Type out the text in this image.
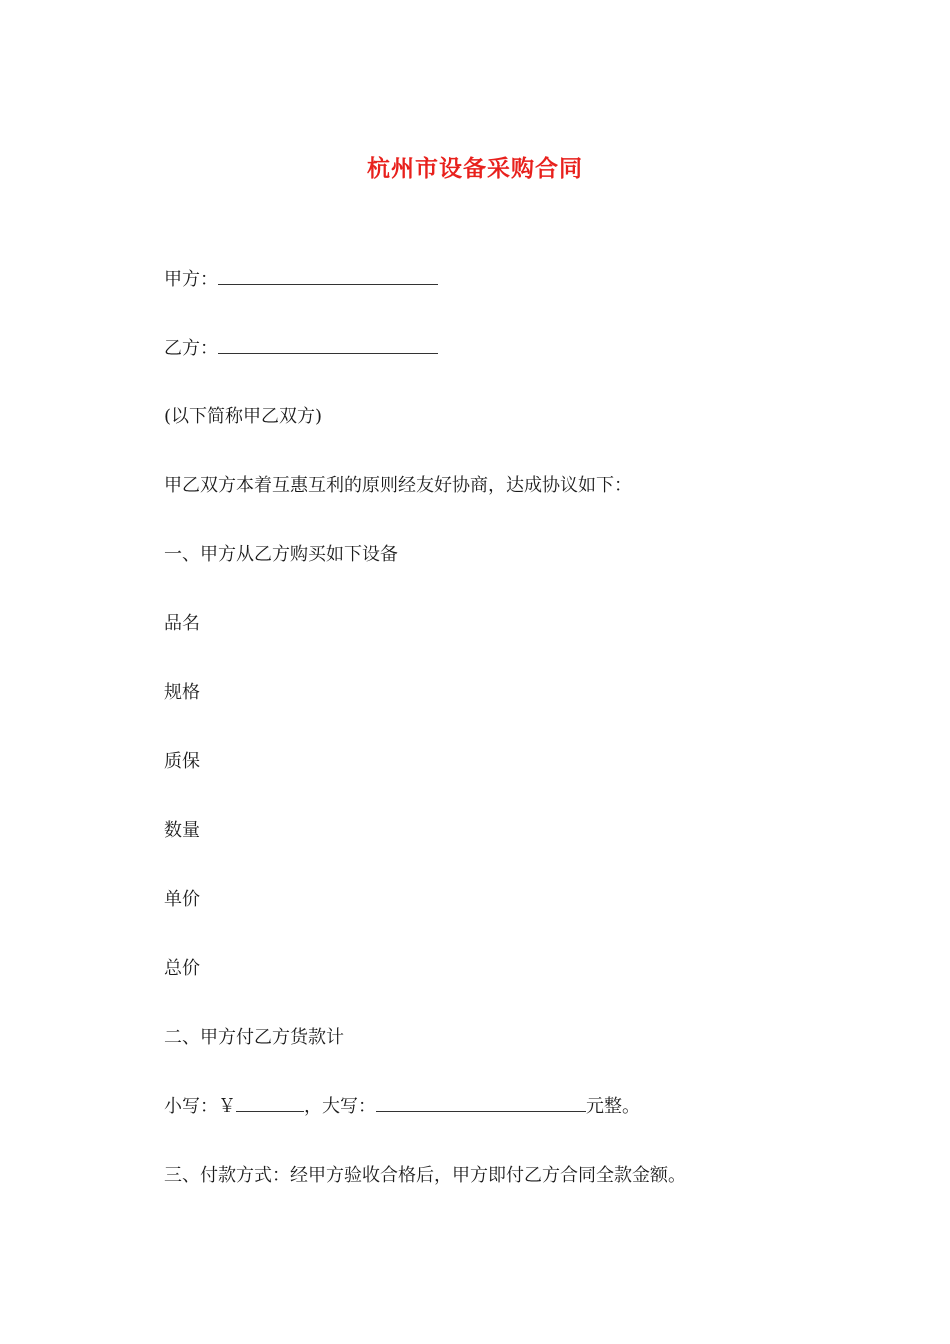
杭州市设备采购合同
甲方：
乙方：
(以下简称甲乙双方)
甲乙双方本着互惠互利的原则经友好协商，达成协议如下：
一、甲方从乙方购买如下设备
品名
规格
质保
数量
单价
总价
二、甲方付乙方货款计
小写：￥	，大写：	元整。
三、付款方式：经甲方验收合格后，甲方即付乙方合同全款金额。
